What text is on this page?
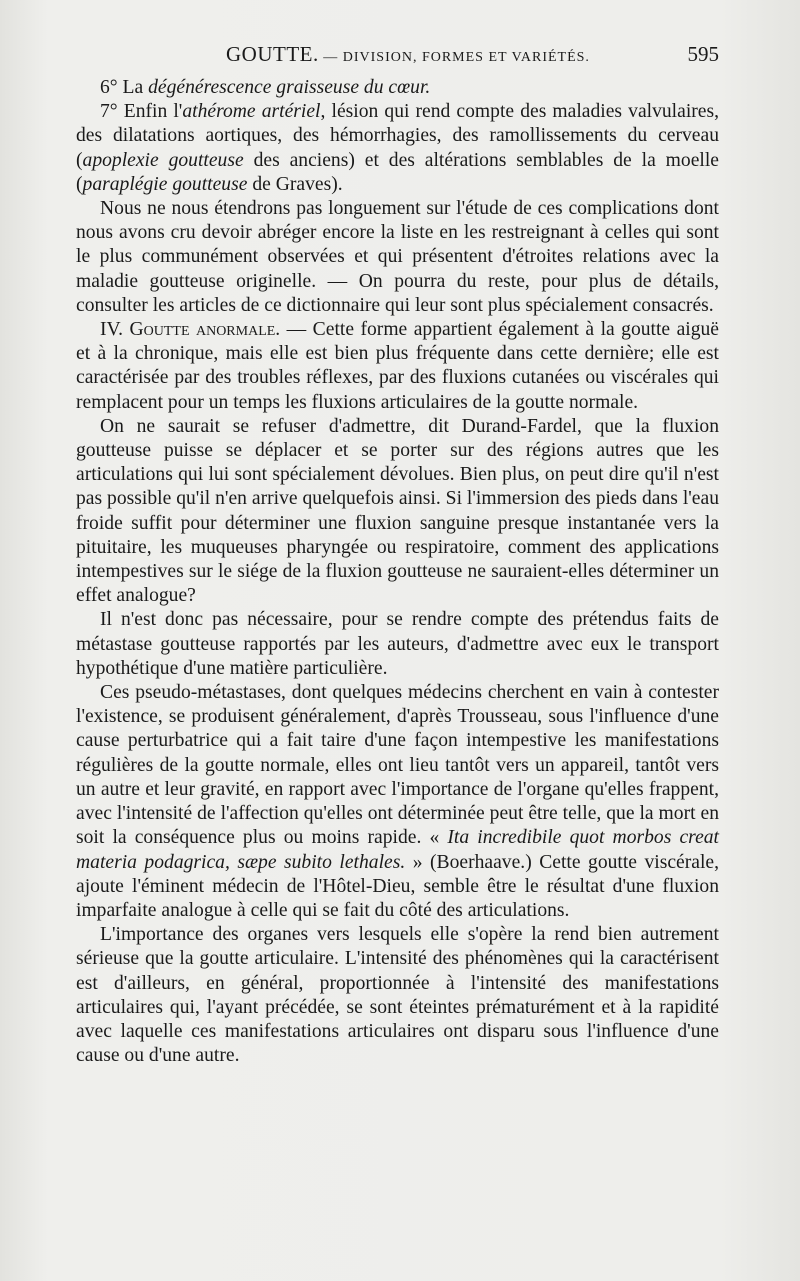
GOUTTE. — DIVISION, FORMES ET VARIÉTÉS.	595

6° La dégénérescence graisseuse du cœur.

7° Enfin l'athérome artériel, lésion qui rend compte des maladies valvulaires, des dilatations aortiques, des hémorrhagies, des ramollissements du cerveau (apoplexie goutteuse des anciens) et des altérations semblables de la moelle (paraplégie goutteuse de Graves).

Nous ne nous étendrons pas longuement sur l'étude de ces complications dont nous avons cru devoir abréger encore la liste en les restreignant à celles qui sont le plus communément observées et qui présentent d'étroites relations avec la maladie goutteuse originelle. — On pourra du reste, pour plus de détails, consulter les articles de ce dictionnaire qui leur sont plus spécialement consacrés.

IV. Goutte anormale. — Cette forme appartient également à la goutte aiguë et à la chronique, mais elle est bien plus fréquente dans cette dernière; elle est caractérisée par des troubles réflexes, par des fluxions cutanées ou viscérales qui remplacent pour un temps les fluxions articulaires de la goutte normale.

On ne saurait se refuser d'admettre, dit Durand-Fardel, que la fluxion goutteuse puisse se déplacer et se porter sur des régions autres que les articulations qui lui sont spécialement dévolues. Bien plus, on peut dire qu'il n'est pas possible qu'il n'en arrive quelquefois ainsi. Si l'immersion des pieds dans l'eau froide suffit pour déterminer une fluxion sanguine presque instantanée vers la pituitaire, les muqueuses pharyngée ou respiratoire, comment des applications intempestives sur le siége de la fluxion goutteuse ne sauraient-elles déterminer un effet analogue?

Il n'est donc pas nécessaire, pour se rendre compte des prétendus faits de métastase goutteuse rapportés par les auteurs, d'admettre avec eux le transport hypothétique d'une matière particulière.

Ces pseudo-métastases, dont quelques médecins cherchent en vain à contester l'existence, se produisent généralement, d'après Trousseau, sous l'influence d'une cause perturbatrice qui a fait taire d'une façon intempestive les manifestations régulières de la goutte normale, elles ont lieu tantôt vers un appareil, tantôt vers un autre et leur gravité, en rapport avec l'importance de l'organe qu'elles frappent, avec l'intensité de l'affection qu'elles ont déterminée peut être telle, que la mort en soit la conséquence plus ou moins rapide. « Ita incredibile quot morbos creat materia podagrica, sæpe subito lethales. » (Boerhaave.) Cette goutte viscérale, ajoute l'éminent médecin de l'Hôtel-Dieu, semble être le résultat d'une fluxion imparfaite analogue à celle qui se fait du côté des articulations.

L'importance des organes vers lesquels elle s'opère la rend bien autrement sérieuse que la goutte articulaire. L'intensité des phénomènes qui la caractérisent est d'ailleurs, en général, proportionnée à l'intensité des manifestations articulaires qui, l'ayant précédée, se sont éteintes prématurément et à la rapidité avec laquelle ces manifestations articulaires ont disparu sous l'influence d'une cause ou d'une autre.
